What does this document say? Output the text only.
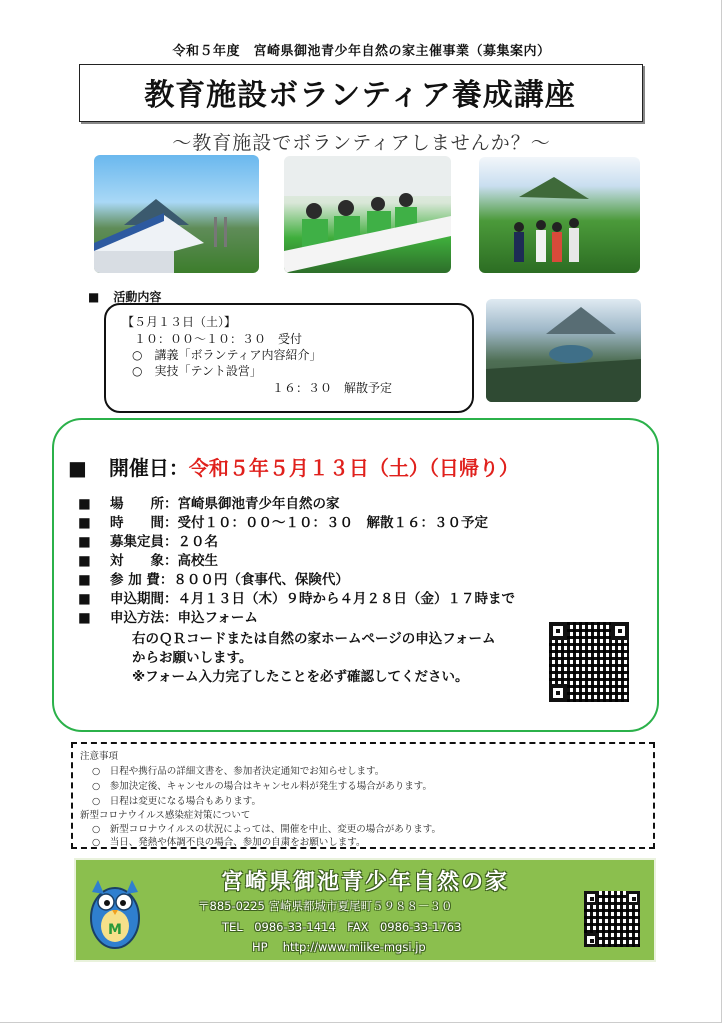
令和５年度　宮崎県御池青少年自然の家主催事業（募集案内）
教育施設ボランティア養成講座
～教育施設でボランティアしませんか？～
■ 活動内容
【５月１３日（土）】
　１０：００～１０：３０　受付
○　講義「ボランティア内容紹介」
○　実技「テント設営」
１６：３０　解散予定
■ 開催日：令和５年５月１３日（土）（日帰り）
■ 場　　所：宮崎県御池青少年自然の家
■ 時　　間：受付１０：００～１０：３０　解散１６：３０予定
■ 募集定員：２０名
■ 対　　象：高校生
■ 参 加 費：８００円（食事代、保険代）
■ 申込期間：４月１３日（木）９時から４月２８日（金）１７時まで
■ 申込方法：申込フォーム
右のＱＲコードまたは自然の家ホームページの申込フォーム
からお願いします。
※フォーム入力完了したことを必ず確認してください。
注意事項
○　日程や携行品の詳細文書を、参加者決定通知でお知らせします。
○　参加決定後、キャンセルの場合はキャンセル料が発生する場合があります。
○　日程は変更になる場合もあります。
新型コロナウイルス感染症対策について
○　新型コロナウイルスの状況によっては、開催を中止、変更の場合があります。
○　当日、発熱や体調不良の場合、参加の自粛をお願いします。
M
宮崎県御池青少年自然の家
〒885-0225 宮崎県都城市夏尾町５９８８－３０
TEL　0986-33-1414　FAX　0986-33-1763
HP　 http://www.miike-mgsi.jp
